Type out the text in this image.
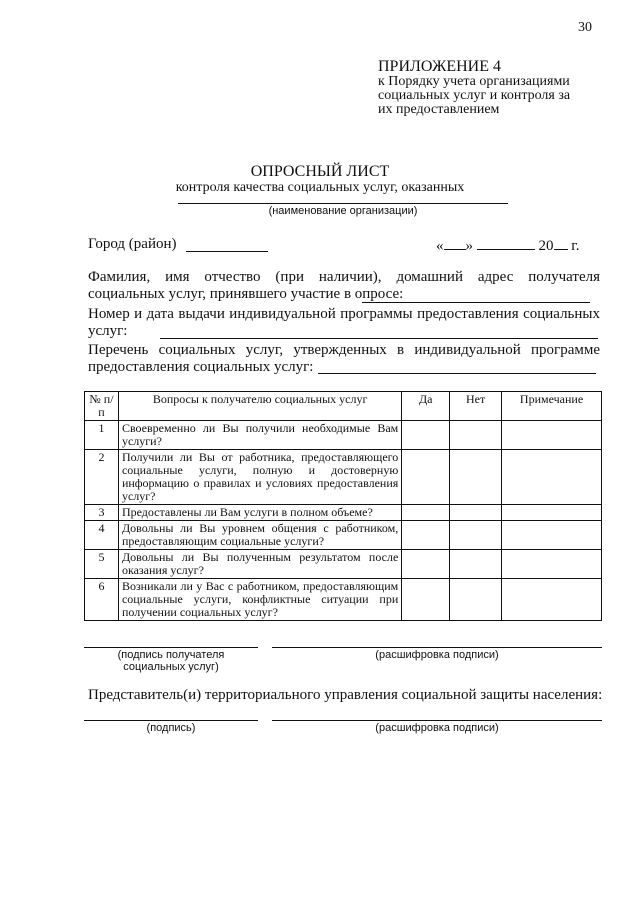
30
ПРИЛОЖЕНИЕ 4
к Порядку учета организациями
социальных услуг и контроля за
их предоставлением
ОПРОСНЫЙ ЛИСТ
контроля качества социальных услуг, оказанных
(наименование организации)
Город (район)	« »	20 г.
Фамилия, имя отчество (при наличии), домашний адрес получателя социальных услуг, принявшего участие в опросе:
Номер и дата выдачи индивидуальной программы предоставления социальных услуг:
Перечень социальных услуг, утвержденных в индивидуальной программе предоставления социальных услуг:
№ п/п	Вопросы к получателю социальных услуг	Да	Нет	Примечание
1	Своевременно ли Вы получили необходимые Вам услуги?			
2	Получили ли Вы от работника, предоставляющего социальные услуги, полную и достоверную информацию о правилах и условиях предоставления услуг?			
3	Предоставлены ли Вам услуги в полном объеме?			
4	Довольны ли Вы уровнем общения с работником, предоставляющим социальные услуги?			
5	Довольны ли Вы полученным результатом после оказания услуг?			
6	Возникали ли у Вас с работником, предоставляющим социальные услуги, конфликтные ситуации при получении социальных услуг?			
(подпись получателя социальных услуг)
(расшифровка подписи)
Представитель(и) территориального управления социальной защиты населения:
(подпись)	(расшифровка подписи)
